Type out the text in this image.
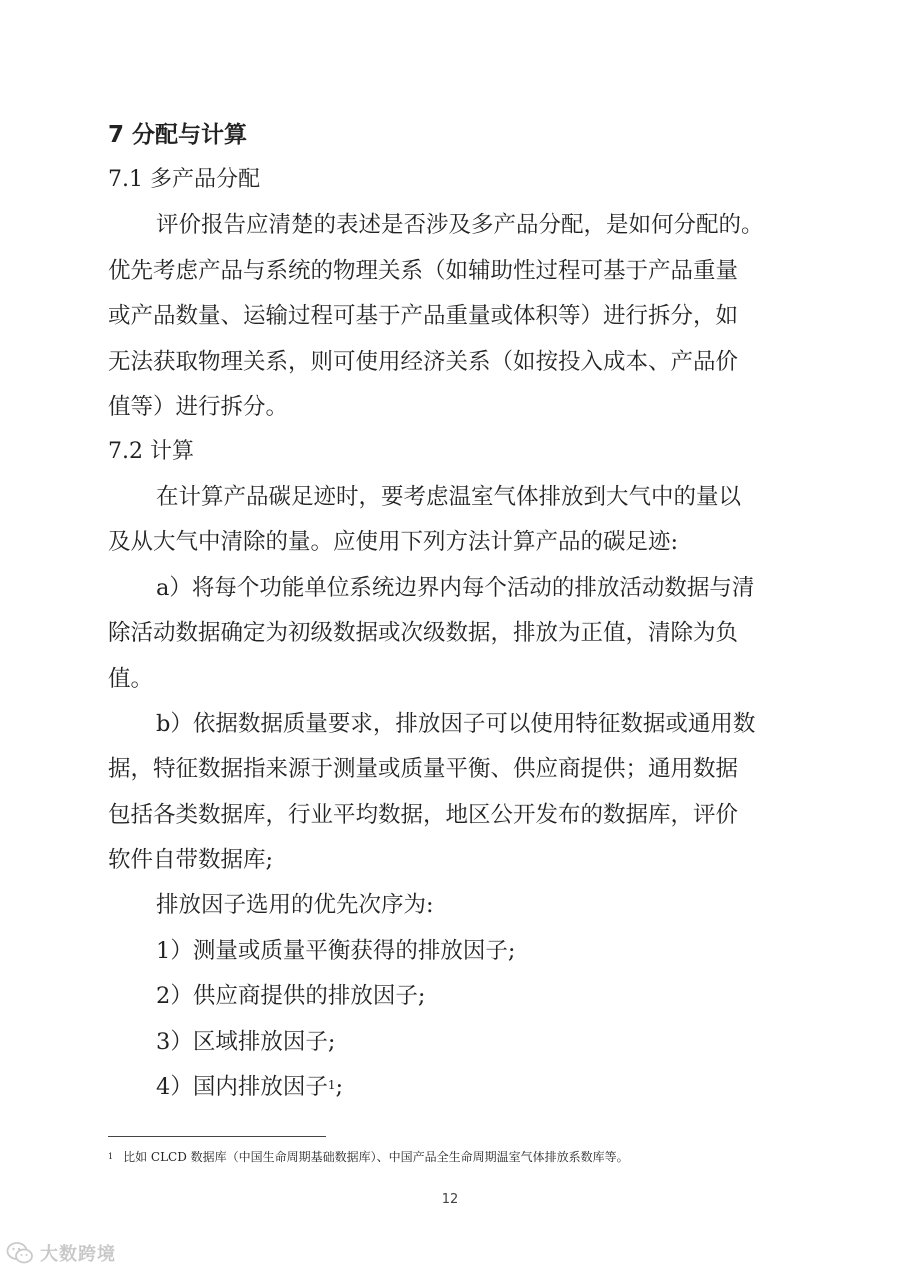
7 分配与计算
7.1 多产品分配
评价报告应清楚的表述是否涉及多产品分配，是如何分配的。
优先考虑产品与系统的物理关系（如辅助性过程可基于产品重量
或产品数量、运输过程可基于产品重量或体积等）进行拆分，如
无法获取物理关系，则可使用经济关系（如按投入成本、产品价
值等）进行拆分。
7.2 计算
在计算产品碳足迹时，要考虑温室气体排放到大气中的量以
及从大气中清除的量。应使用下列方法计算产品的碳足迹:
a）将每个功能单位系统边界内每个活动的排放活动数据与清
除活动数据确定为初级数据或次级数据，排放为正值，清除为负
值。
b）依据数据质量要求，排放因子可以使用特征数据或通用数
据，特征数据指来源于测量或质量平衡、供应商提供；通用数据
包括各类数据库，行业平均数据，地区公开发布的数据库，评价
软件自带数据库;
排放因子选用的优先次序为:
1）测量或质量平衡获得的排放因子;
2）供应商提供的排放因子;
3）区域排放因子;
4）国内排放因子$^1$;
$^1$ 比如 CLCD 数据库（中国生命周期基础数据库）、中国产品全生命周期温室气体排放系数库等。
12
大数跨境
